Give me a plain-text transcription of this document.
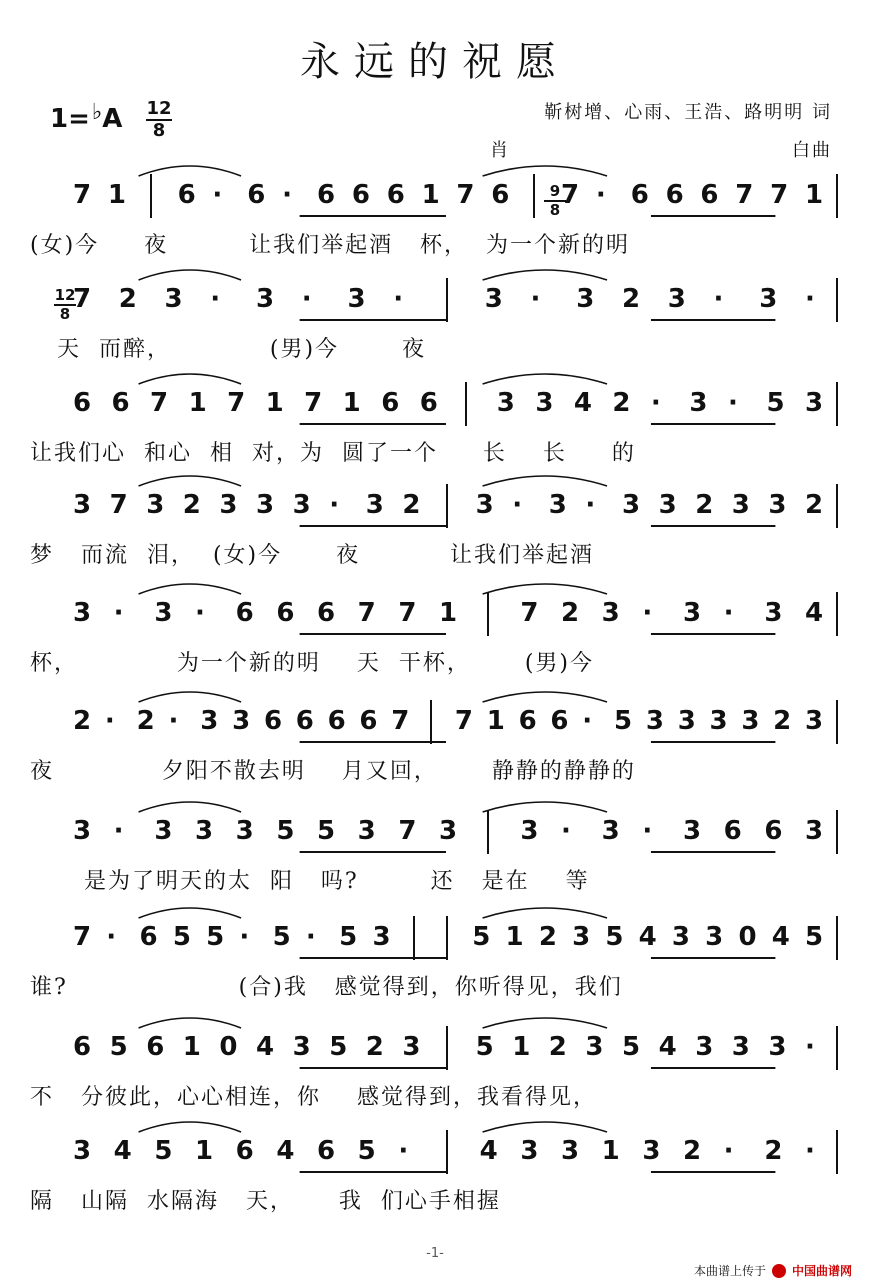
永远的祝愿
1=♭A 12
8
靳树增、心雨、王浩、路明明 词
肖	白曲
7 1 6 · 6 · 6 6 6 1 7 6 7 · 6 6 6 7 7 1
(女)今     夜         让我们举起酒   杯，  为一个新的明
7 2 3 · 3 · 3 ·	3 · 3 2 3 · 3 ·
天  而醉，           (男)今       夜
6 6 7 1 7 1 7 1 6 6 3 3 4 2 · 3 · 5 3
让我们心  和心  相  对，为  圆了一个     长    长     的
3 7 3 2 3 3 3 · 3 2 3 · 3 · 3 3 2 3 3 2
梦   而流  泪，  (女)今      夜          让我们举起酒
3 · 3 · 6 6 6 7 7 1 7 2 3 · 3 · 3 4
杯，           为一个新的明    天  干杯，      (男)今
2 · 2 · 3 3 6 6 6 6 7 7 1 6 6 · 5 3 3 3 3 2 3
夜            夕阳不散去明    月又回，      静静的静静的
3 · 3 3 3 5 5 3 7 3 3 · 3 · 3 6 6 3
是为了明天的太  阳   吗?        还   是在    等
7 · 6 5 5 · 5 · 5 3	5 1 2 3 5 4 3 3 0 4 5
谁?                   (合)我   感觉得到，你听得见，我们
6 5 6 1 0 4 3 5 2 3 5 1 2 3 5 4 3 3 3 ·
不   分彼此，心心相连，你    感觉得到，我看得见，
3 4 5 1 6 4 6 5 ·	4 3 3 1 3 2 · 2 ·
隔   山隔  水隔海   天，     我  们心手相握
-1-
本曲谱上传于 中国曲谱网
9
8
12
8
